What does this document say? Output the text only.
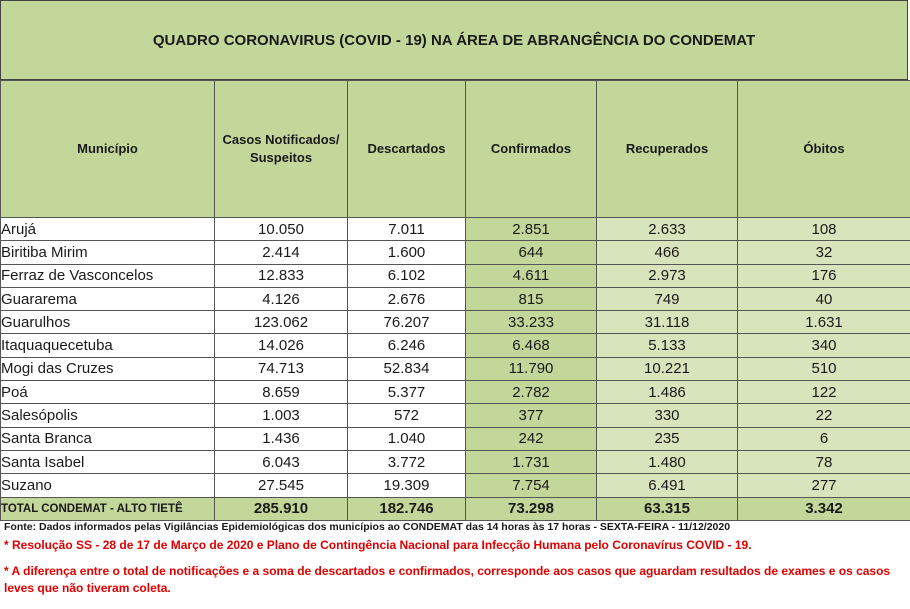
QUADRO CORONAVIRUS (COVID - 19) NA ÁREA DE ABRANGÊNCIA DO CONDEMAT
Município	Casos Notificados/ Suspeitos	Descartados	Confirmados	Recuperados	Óbitos
Arujá	10.050	7.011	2.851	2.633	108
Biritiba Mirim	2.414	1.600	644	466	32
Ferraz de Vasconcelos	12.833	6.102	4.611	2.973	176
Guararema	4.126	2.676	815	749	40
Guarulhos	123.062	76.207	33.233	31.118	1.631
Itaquaquecetuba	14.026	6.246	6.468	5.133	340
Mogi das Cruzes	74.713	52.834	11.790	10.221	510
Poá	8.659	5.377	2.782	1.486	122
Salesópolis	1.003	572	377	330	22
Santa Branca	1.436	1.040	242	235	6
Santa Isabel	6.043	3.772	1.731	1.480	78
Suzano	27.545	19.309	7.754	6.491	277
TOTAL CONDEMAT - ALTO TIETÊ	285.910	182.746	73.298	63.315	3.342
Fonte: Dados informados pelas Vigilâncias Epidemiológicas dos municípios ao CONDEMAT das 14 horas às 17 horas - SEXTA-FEIRA - 11/12/2020
* Resolução SS - 28 de 17 de Março de 2020 e Plano de Contingência Nacional para Infecção Humana pelo Coronavírus COVID - 19.
* A diferença entre o total de notificações e a soma de descartados e confirmados, corresponde aos casos que aguardam resultados de exames e os casos leves que não tiveram coleta.
